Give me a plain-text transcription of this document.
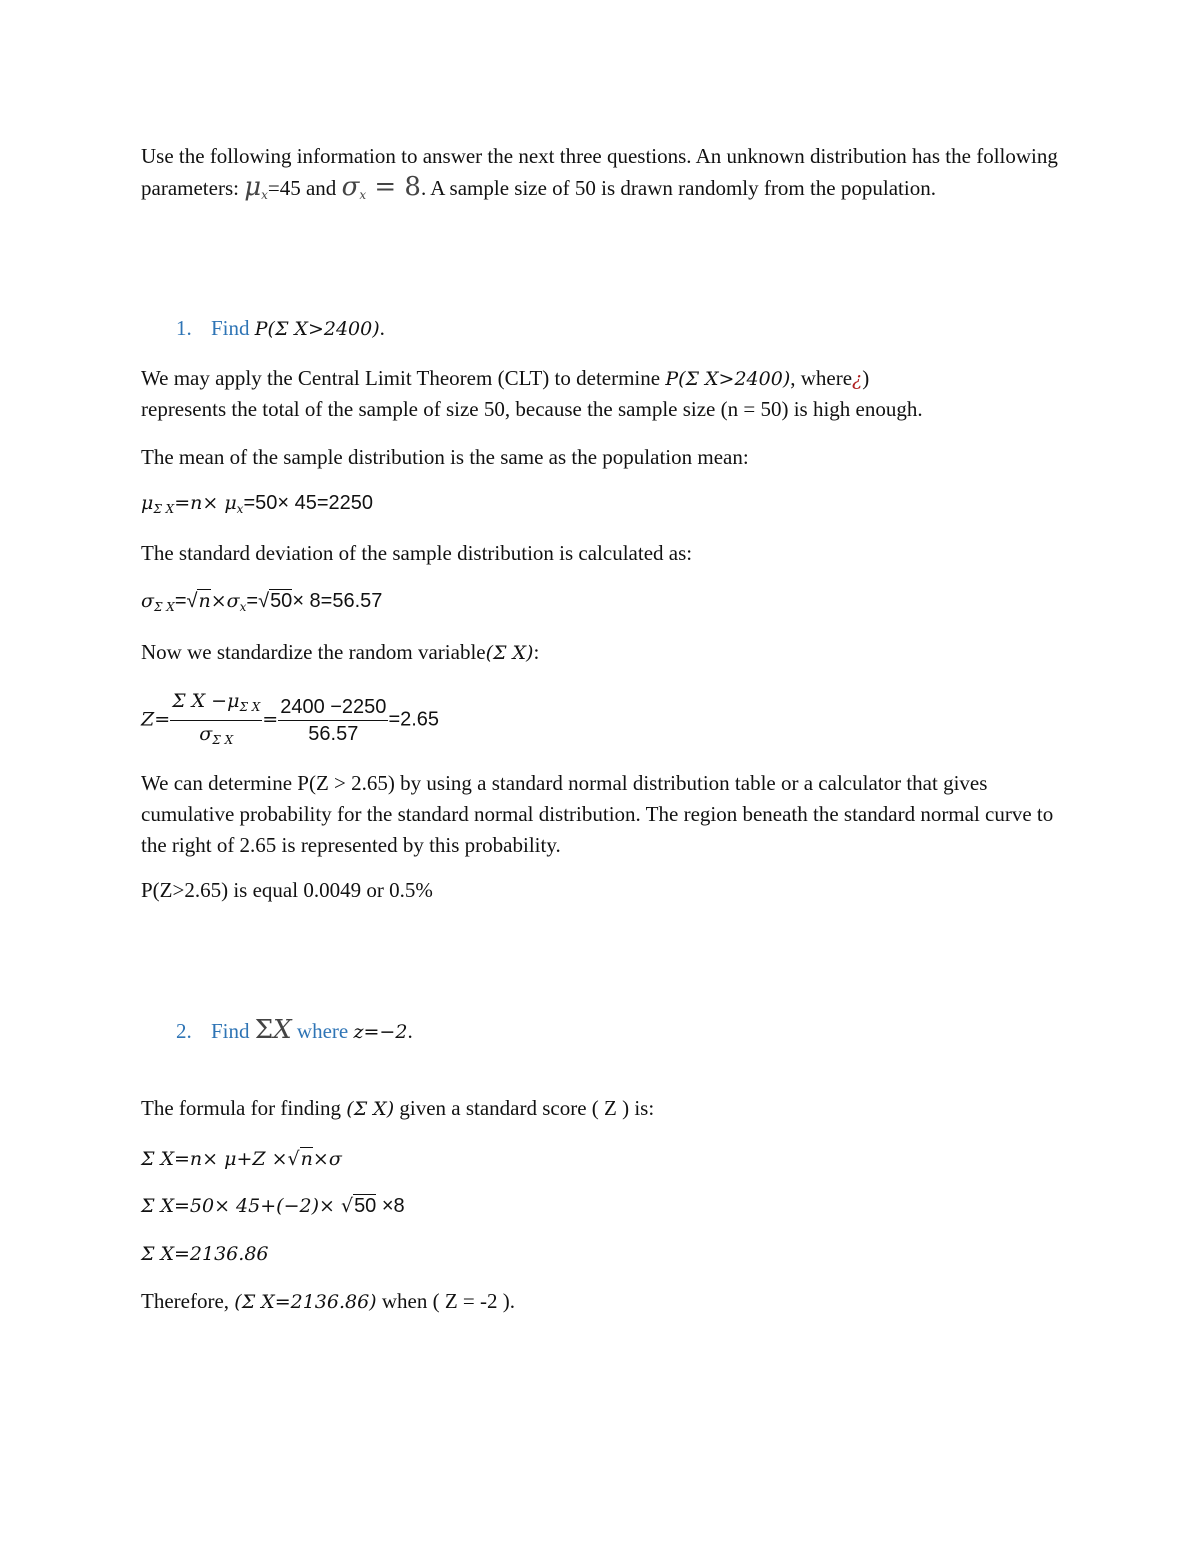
Use the following information to answer the next three questions. An unknown distribution has the following parameters: $\mu_x=45$ and $\sigma_x = 8$. A sample size of 50 is drawn randomly from the population.
1. Find P(Σ X>2400).
We may apply the Central Limit Theorem (CLT) to determine P(Σ X>2400), where¿)
represents the total of the sample of size 50, because the sample size (n = 50) is high enough.
The mean of the sample distribution is the same as the population mean:
$\mu_{\Sigma X}=n\times \mu_x=50\times 45=2250$
The standard deviation of the sample distribution is calculated as:
$\sigma_{\Sigma X}=√n\times\sigma_x=√50\times 8=56.57$
Now we standardize the random variable(Σ X):
$Z= \frac{\Sigma X -\mu_{\Sigma X}}{\sigma_{\Sigma X}} = \frac{2400 -2250}{56.57} =2.65$
We can determine P(Z > 2.65) by using a standard normal distribution table or a calculator that gives cumulative probability for the standard normal distribution. The region beneath the standard normal curve to the right of 2.65 is represented by this probability.
P(Z>2.65) is equal 0.0049 or 0.5%
2. Find ΣX where z=−2.
The formula for finding (Σ X) given a standard score ( Z ) is:
Σ X=n× μ+Z ×√n×σ
Σ X=50× 45+(−2)× √50 ×8
Σ X=2136.86
Therefore, (Σ X=2136.86) when ( Z = -2 ).
